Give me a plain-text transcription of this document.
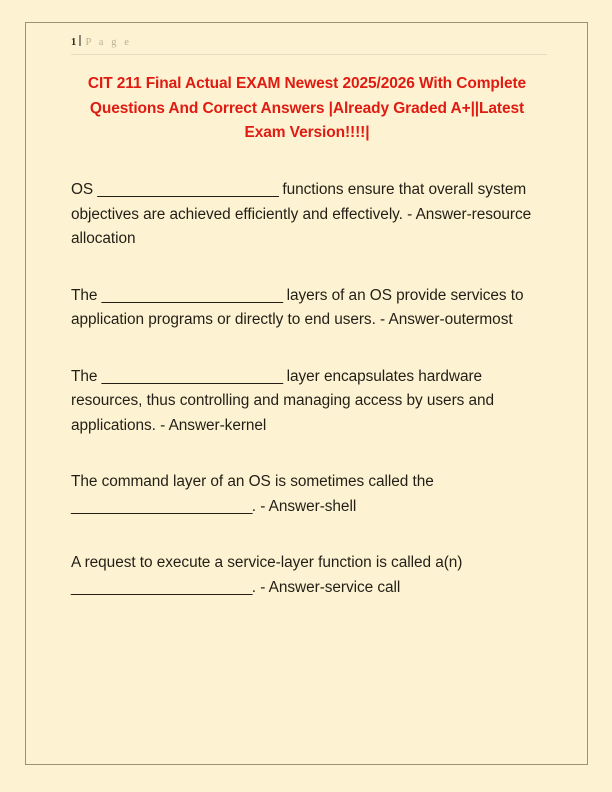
1 P a g e
CIT 211 Final Actual EXAM Newest 2025/2026 With Complete Questions And Correct Answers |Already Graded A+||Latest Exam Version!!!!|

OS _______________________ functions ensure that overall system objectives are achieved efficiently and effectively. - Answer-resource allocation

The _______________________ layers of an OS provide services to application programs or directly to end users. - Answer-outermost

The _______________________ layer encapsulates hardware resources, thus controlling and managing access by users and applications. - Answer-kernel

The command layer of an OS is sometimes called the _______________________. - Answer-shell

A request to execute a service-layer function is called a(n) _______________________. - Answer-service call
